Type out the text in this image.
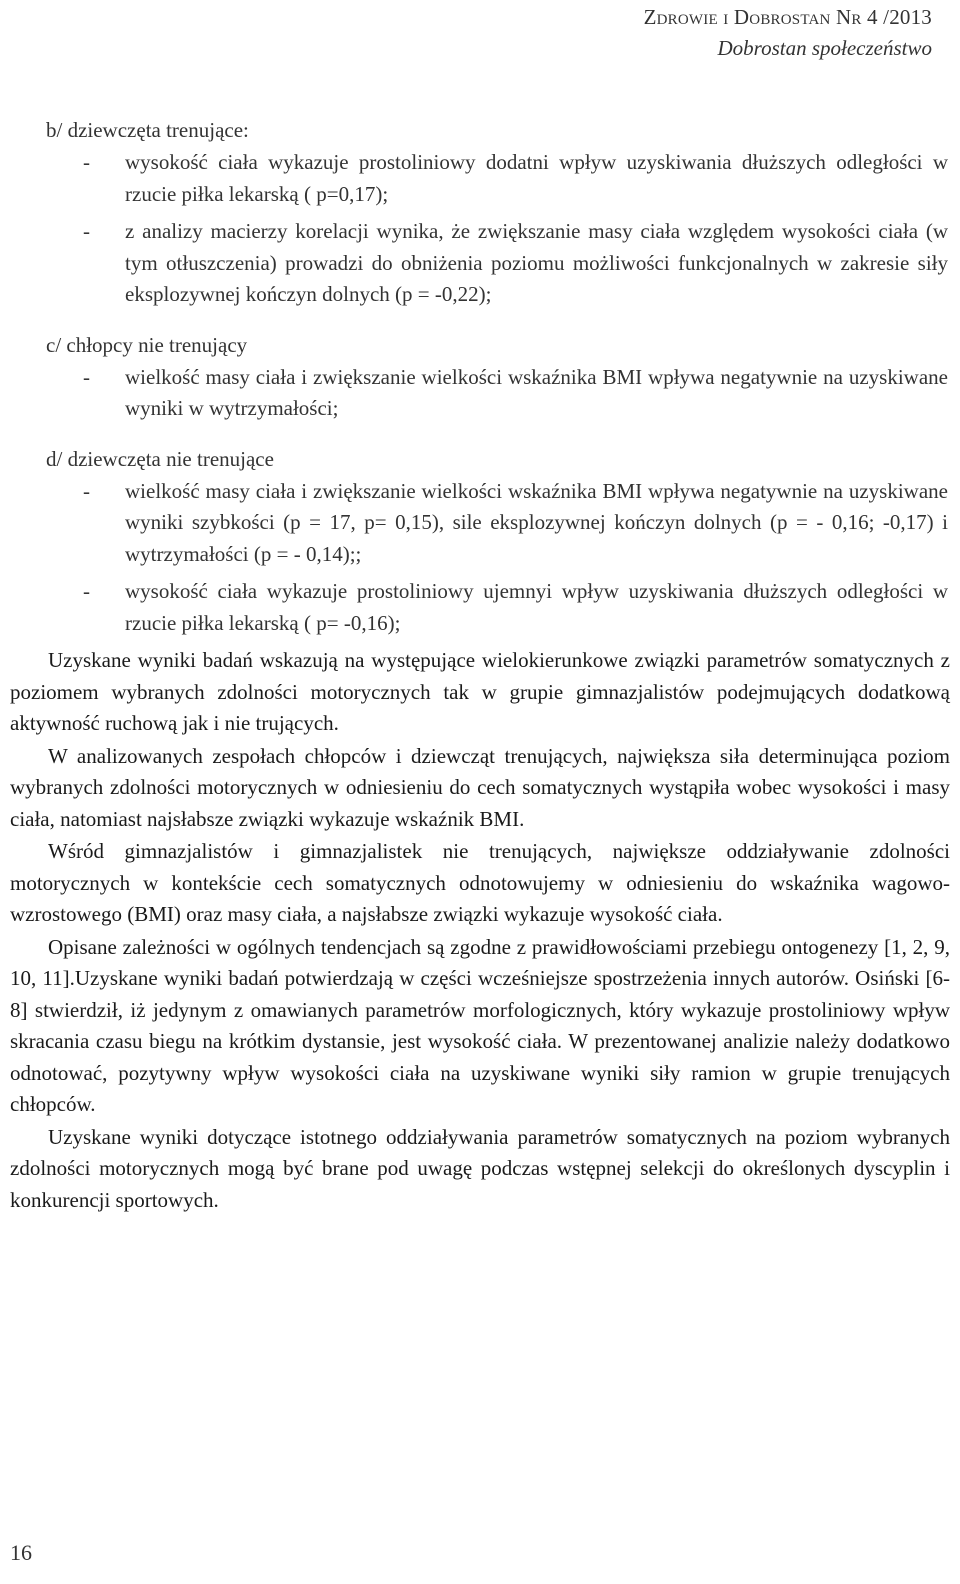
Zdrowie i Dobrostan Nr 4 /2013
Dobrostan społeczeństwo
b/ dziewczęta trenujące:
- wysokość ciała wykazuje prostoliniowy dodatni wpływ uzyskiwania dłuższych odległości w rzucie piłka lekarską ( p=0,17);
- z analizy macierzy korelacji wynika, że zwiększanie masy ciała względem wysokości ciała (w tym otłuszczenia) prowadzi do obniżenia poziomu możliwości funkcjonalnych w zakresie siły eksplozywnej kończyn dolnych (p = -0,22);
c/ chłopcy nie trenujący
- wielkość masy ciała i zwiększanie wielkości wskaźnika BMI wpływa negatywnie na uzyskiwane wyniki w wytrzymałości;
d/ dziewczęta nie trenujące
- wielkość masy ciała i zwiększanie wielkości wskaźnika BMI wpływa negatywnie na uzyskiwane wyniki szybkości (p = 17, p= 0,15), sile eksplozywnej kończyn dolnych (p = - 0,16; -0,17) i wytrzymałości (p = - 0,14);;
- wysokość ciała wykazuje prostoliniowy ujemnyi wpływ uzyskiwania dłuższych odległości w rzucie piłka lekarską ( p= -0,16);

Uzyskane wyniki badań wskazują na występujące wielokierunkowe związki parametrów somatycznych z poziomem wybranych zdolności motorycznych tak w grupie gimnazjalistów podejmujących dodatkową aktywność ruchową jak i nie trujących.

W analizowanych zespołach chłopców i dziewcząt trenujących, największa siła determinująca poziom wybranych zdolności motorycznych w odniesieniu do cech somatycznych wystąpiła wobec wysokości i masy ciała, natomiast najsłabsze związki wykazuje wskaźnik BMI.

Wśród gimnazjalistów i gimnazjalistek nie trenujących, największe oddziaływanie zdolności motorycznych w kontekście cech somatycznych odnotowujemy w odniesieniu do wskaźnika wagowo-wzrostowego (BMI) oraz masy ciała, a najsłabsze związki wykazuje wysokość ciała.

Opisane zależności w ogólnych tendencjach są zgodne z prawidłowościami przebiegu ontogenezy [1, 2, 9, 10, 11].Uzyskane wyniki badań potwierdzają w części wcześniejsze spostrzeżenia innych autorów. Osiński [6-8] stwierdził, iż jedynym z omawianych parametrów morfologicznych, który wykazuje prostoliniowy wpływ skracania czasu biegu na krótkim dystansie, jest wysokość ciała. W prezentowanej analizie należy dodatkowo odnotować, pozytywny wpływ wysokości ciała na uzyskiwane wyniki siły ramion w grupie trenujących chłopców.

Uzyskane wyniki dotyczące istotnego oddziaływania parametrów somatycznych na poziom wybranych zdolności motorycznych mogą być brane pod uwagę podczas wstępnej selekcji do określonych dyscyplin i konkurencji sportowych.

16
